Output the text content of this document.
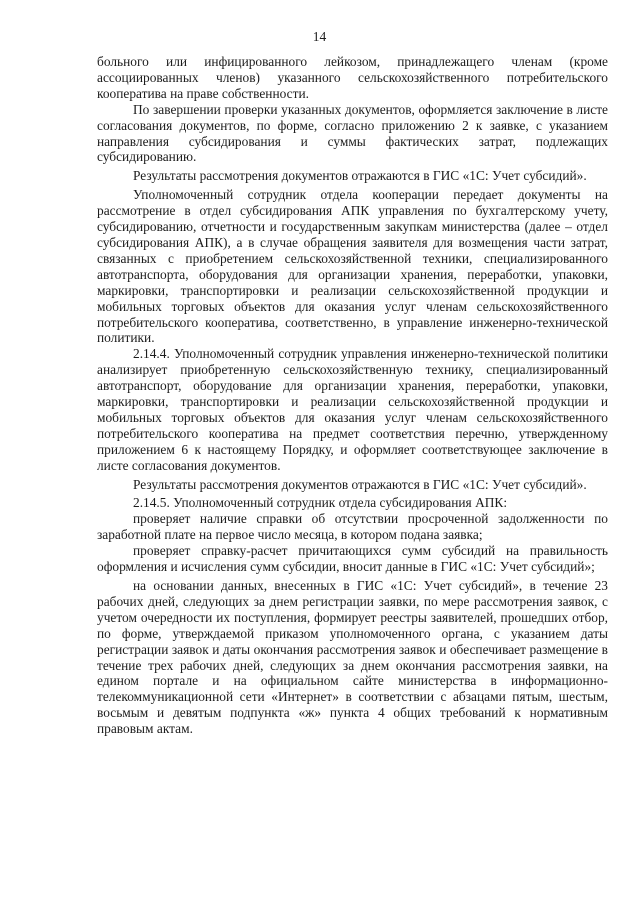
14

больного или инфицированного лейкозом, принадлежащего членам (кроме ассоциированных членов) указанного сельскохозяйственного потребительского кооператива на праве собственности.

По завершении проверки указанных документов, оформляется заключение в листе согласования документов, по форме, согласно приложению 2 к заявке, с указанием направления субсидирования и суммы фактических затрат, подлежащих субсидированию.

Результаты рассмотрения документов отражаются в ГИС «1С: Учет субсидий».

Уполномоченный сотрудник отдела кооперации передает документы на рассмотрение в отдел субсидирования АПК управления по бухгалтерскому учету, субсидированию, отчетности и государственным закупкам министерства (далее – отдел субсидирования АПК), а в случае обращения заявителя для возмещения части затрат, связанных с приобретением сельскохозяйственной техники, специализированного автотранспорта, оборудования для организации хранения, переработки, упаковки, маркировки, транспортировки и реализации сельскохозяйственной продукции и мобильных торговых объектов для оказания услуг членам сельскохозяйственного потребительского кооператива, соответственно, в управление инженерно-технической политики.

2.14.4. Уполномоченный сотрудник управления инженерно-технической политики анализирует приобретенную сельскохозяйственную технику, специализированный автотранспорт, оборудование для организации хранения, переработки, упаковки, маркировки, транспортировки и реализации сельскохозяйственной продукции и мобильных торговых объектов для оказания услуг членам сельскохозяйственного потребительского кооператива на предмет соответствия перечню, утвержденному приложением 6 к настоящему Порядку, и оформляет соответствующее заключение в листе согласования документов.

Результаты рассмотрения документов отражаются в ГИС «1С: Учет субсидий».

2.14.5. Уполномоченный сотрудник отдела субсидирования АПК:

проверяет наличие справки об отсутствии просроченной задолженности по заработной плате на первое число месяца, в котором подана заявка;

проверяет справку-расчет причитающихся сумм субсидий на правильность оформления и исчисления сумм субсидии, вносит данные в ГИС «1С: Учет субсидий»;

на основании данных, внесенных в ГИС «1С: Учет субсидий», в течение 23 рабочих дней, следующих за днем регистрации заявки, по мере рассмотрения заявок, с учетом очередности их поступления, формирует реестры заявителей, прошедших отбор, по форме, утверждаемой приказом уполномоченного органа, с указанием даты регистрации заявок и даты окончания рассмотрения заявок и обеспечивает размещение в течение трех рабочих дней, следующих за днем окончания рассмотрения заявки, на едином портале и на официальном сайте министерства в информационно-телекоммуникационной сети «Интернет» в соответствии с абзацами пятым, шестым, восьмым и девятым подпункта «ж» пункта 4 общих требований к нормативным правовым актам.
